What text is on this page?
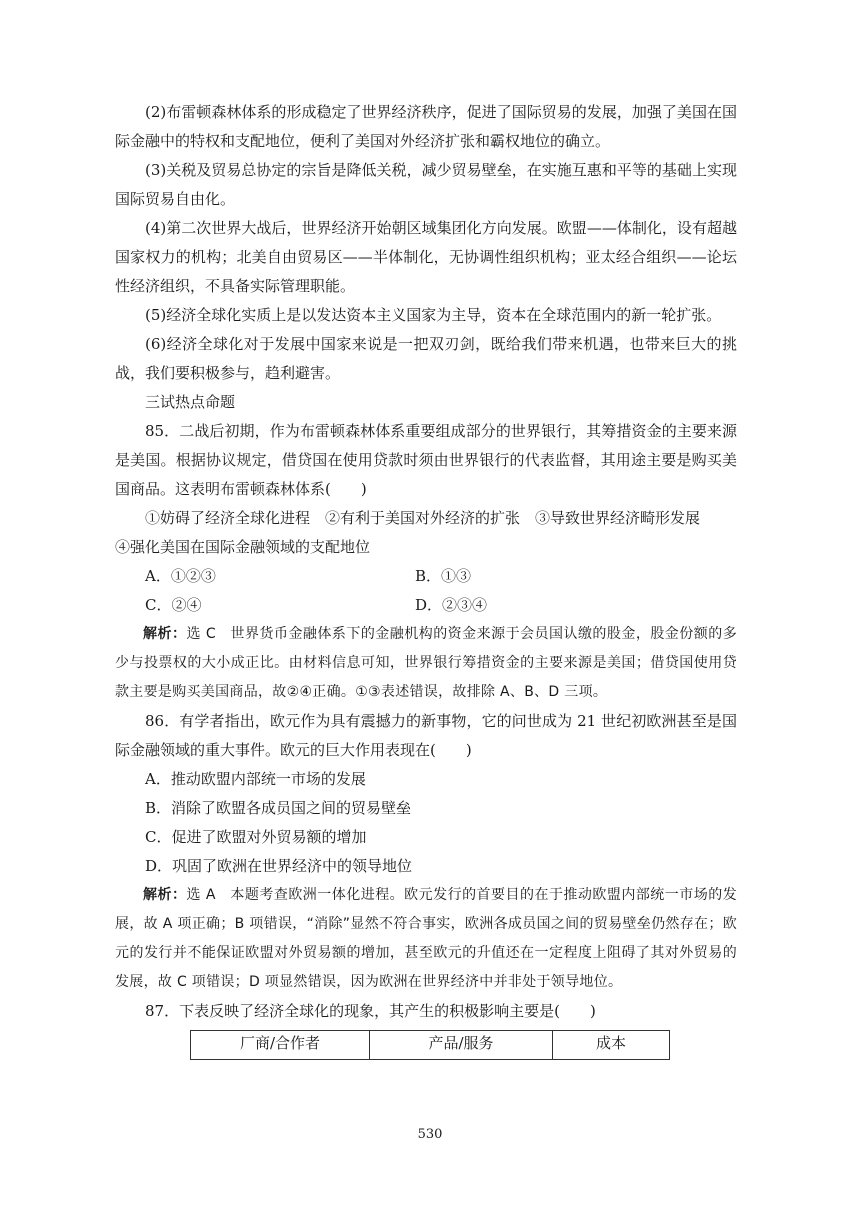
(2)布雷顿森林体系的形成稳定了世界经济秩序，促进了国际贸易的发展，加强了美国在国际金融中的特权和支配地位，便利了美国对外经济扩张和霸权地位的确立。

(3)关税及贸易总协定的宗旨是降低关税，减少贸易壁垒，在实施互惠和平等的基础上实现国际贸易自由化。

(4)第二次世界大战后，世界经济开始朝区域集团化方向发展。欧盟——体制化，设有超越国家权力的机构；北美自由贸易区——半体制化，无协调性组织机构；亚太经合组织——论坛性经济组织，不具备实际管理职能。

(5)经济全球化实质上是以发达资本主义国家为主导，资本在全球范围内的新一轮扩张。

(6)经济全球化对于发展中国家来说是一把双刃剑，既给我们带来机遇，也带来巨大的挑战，我们要积极参与，趋利避害。

三试热点命题

85．二战后初期，作为布雷顿森林体系重要组成部分的世界银行，其筹措资金的主要来源是美国。根据协议规定，借贷国在使用贷款时须由世界银行的代表监督，其用途主要是购买美国商品。这表明布雷顿森林体系(　　)

①妨碍了经济全球化进程　②有利于美国对外经济的扩张　③导致世界经济畸形发展

④强化美国在国际金融领域的支配地位

A．①②③	B．①③
C．②④	D．②③④

解析：选 C　世界货币金融体系下的金融机构的资金来源于会员国认缴的股金，股金份额的多少与投票权的大小成正比。由材料信息可知，世界银行筹措资金的主要来源是美国；借贷国使用贷款主要是购买美国商品，故②④正确。①③表述错误，故排除 A、B、D 三项。

86．有学者指出，欧元作为具有震撼力的新事物，它的问世成为 21 世纪初欧洲甚至是国际金融领域的重大事件。欧元的巨大作用表现在(　　)

A．推动欧盟内部统一市场的发展

B．消除了欧盟各成员国之间的贸易壁垒

C．促进了欧盟对外贸易额的增加

D．巩固了欧洲在世界经济中的领导地位

解析：选 A　本题考查欧洲一体化进程。欧元发行的首要目的在于推动欧盟内部统一市场的发展，故 A 项正确；B 项错误，“消除”显然不符合事实，欧洲各成员国之间的贸易壁垒仍然存在；欧元的发行并不能保证欧盟对外贸易额的增加，甚至欧元的升值还在一定程度上阻碍了其对外贸易的发展，故 C 项错误；D 项显然错误，因为欧洲在世界经济中并非处于领导地位。

87．下表反映了经济全球化的现象，其产生的积极影响主要是(　　)

厂商/合作者	产品/服务	成本
530
